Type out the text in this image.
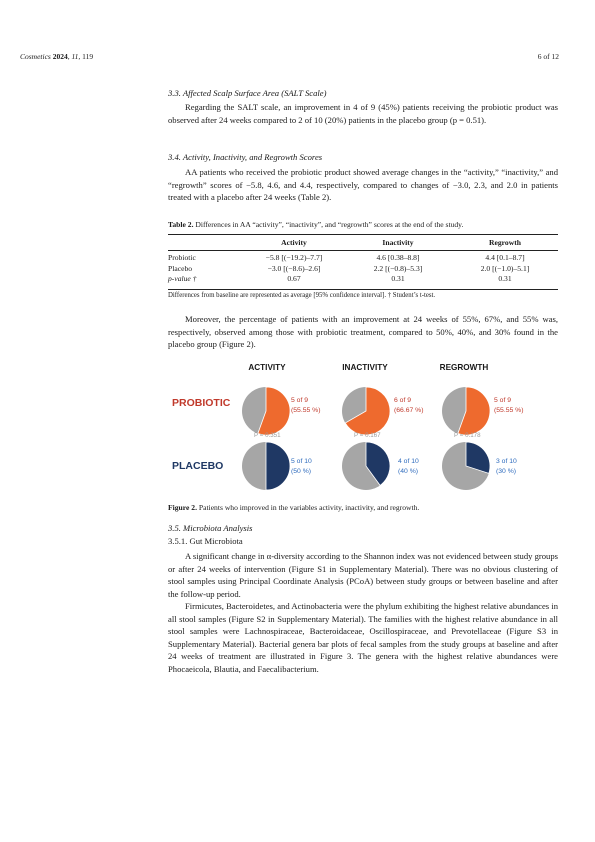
Cosmetics 2024, 11, 119	6 of 12
3.3. Affected Scalp Surface Area (SALT Scale)

Regarding the SALT scale, an improvement in 4 of 9 (45%) patients receiving the probiotic product was observed after 24 weeks compared to 2 of 10 (20%) patients in the placebo group (p = 0.51).

3.4. Activity, Inactivity, and Regrowth Scores

AA patients who received the probiotic product showed average changes in the “activity,” “inactivity,” and “regrowth” scores of −5.8, 4.6, and 4.4, respectively, compared to changes of −3.0, 2.3, and 2.0 in patients treated with a placebo after 24 weeks (Table 2).

Table 2. Differences in AA “activity”, “inactivity”, and “regrowth” scores at the end of the study.
	Activity	Inactivity	Regrowth

Probiotic	−5.8 [(−19.2)–7.7]	4.6 [0.38–8.8]	4.4 [0.1–8.7]
Placebo	−3.0 [(−8.6)–2.6]	2.2 [(−0.8)–5.3]	2.0 [(−1.0)–5.1]
p-value †	0.67	0.31	0.31
Differences from baseline are represented as average [95% confidence interval]. † Student’s t-test.

Moreover, the percentage of patients with an improvement at 24 weeks of 55%, 67%, and 55% was, respectively, observed among those with probiotic treatment, compared to 50%, 40%, and 30% found in the placebo group (Figure 2).

ACTIVITY	INACTIVITY	REGROWTH
PROBIOTIC
PLACEBO
5 of 9
(55.55 %)
6 of 9
(66.67 %)
5 of 9
(55.55 %)
5 of 10
(50 %)
4 of 10
(40 %)
3 of 10
(30 %)
P = 0.351	P = 0.167	P = 0.178
Figure 2. Patients who improved in the variables activity, inactivity, and regrowth.
3.5. Microbiota Analysis
3.5.1. Gut Microbiota

A significant change in α-diversity according to the Shannon index was not evidenced between study groups or after 24 weeks of intervention (Figure S1 in Supplementary Material). There was no obvious clustering of stool samples using Principal Coordinate Analysis (PCoA) between study groups or between baseline and after the follow-up period.

Firmicutes, Bacteroidetes, and Actinobacteria were the phylum exhibiting the highest relative abundances in all stool samples (Figure S2 in Supplementary Material). The families with the highest relative abundance in all stool samples were Lachnospiraceae, Bacteroidaceae, Oscillospiraceae, and Prevotellaceae (Figure S3 in Supplementary Material). Bacterial genera bar plots of fecal samples from the study groups at baseline and after 24 weeks of treatment are illustrated in Figure 3. The genera with the highest relative abundances were Phocaeicola, Blautia, and Faecalibacterium.
